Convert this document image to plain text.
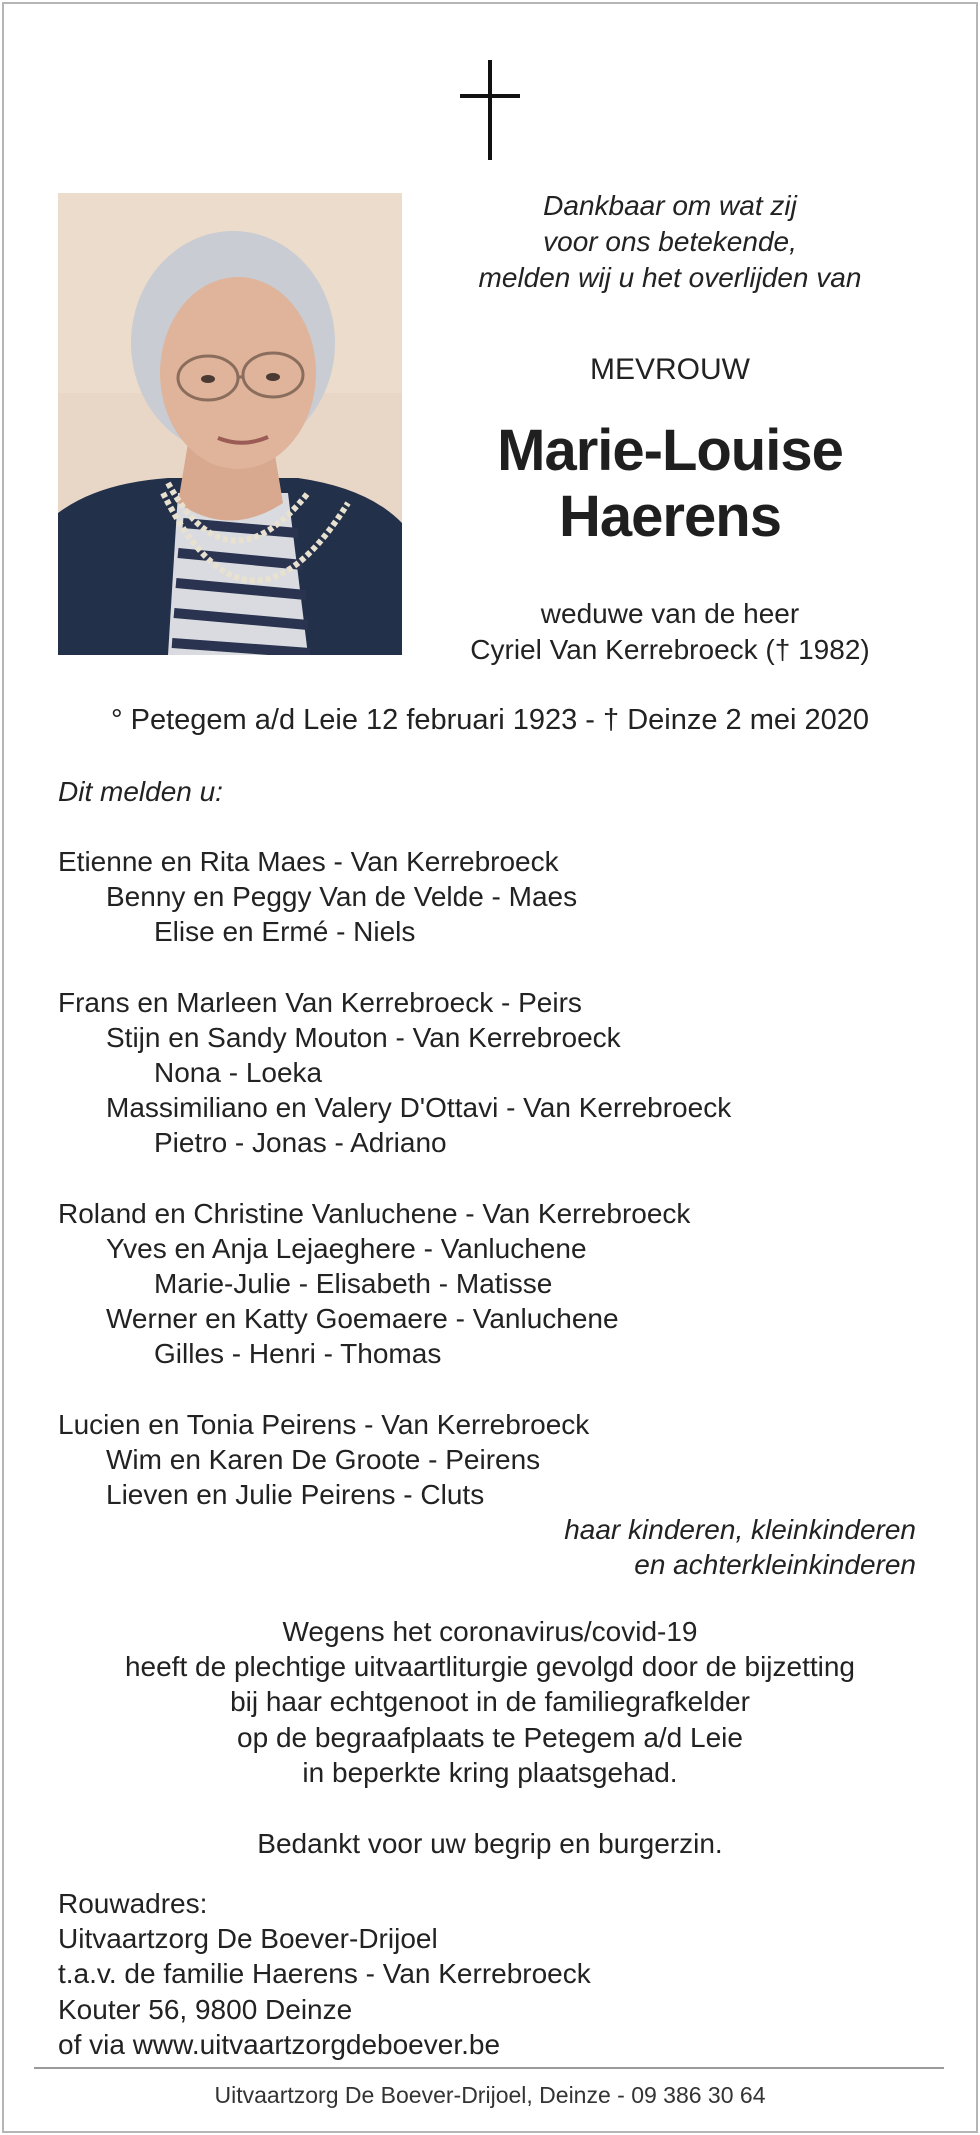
Dankbaar om wat zij
voor ons betekende,
melden wij u het overlijden van
MEVROUW
Marie-Louise
Haerens
weduwe van de heer
Cyriel Van Kerrebroeck († 1982)
° Petegem a/d Leie 12 februari 1923 - † Deinze 2 mei 2020
Dit melden u:
Etienne en Rita Maes - Van Kerrebroeck
Benny en Peggy Van de Velde - Maes
Elise en Ermé - Niels
Frans en Marleen Van Kerrebroeck - Peirs
Stijn en Sandy Mouton - Van Kerrebroeck
Nona - Loeka
Massimiliano en Valery D'Ottavi - Van Kerrebroeck
Pietro - Jonas - Adriano
Roland en Christine Vanluchene - Van Kerrebroeck
Yves en Anja Lejaeghere - Vanluchene
Marie-Julie - Elisabeth - Matisse
Werner en Katty Goemaere - Vanluchene
Gilles - Henri - Thomas
Lucien en Tonia Peirens - Van Kerrebroeck
Wim en Karen De Groote - Peirens
Lieven en Julie Peirens - Cluts
haar kinderen, kleinkinderen
en achterkleinkinderen
Wegens het coronavirus/covid-19
heeft de plechtige uitvaartliturgie gevolgd door de bijzetting
bij haar echtgenoot in de familiegrafkelder
op de begraafplaats te Petegem a/d Leie
in beperkte kring plaatsgehad.
Bedankt voor uw begrip en burgerzin.
Rouwadres:
Uitvaartzorg De Boever-Drijoel
t.a.v. de familie Haerens - Van Kerrebroeck
Kouter 56, 9800 Deinze
of via www.uitvaartzorgdeboever.be
Uitvaartzorg De Boever-Drijoel, Deinze - 09 386 30 64
